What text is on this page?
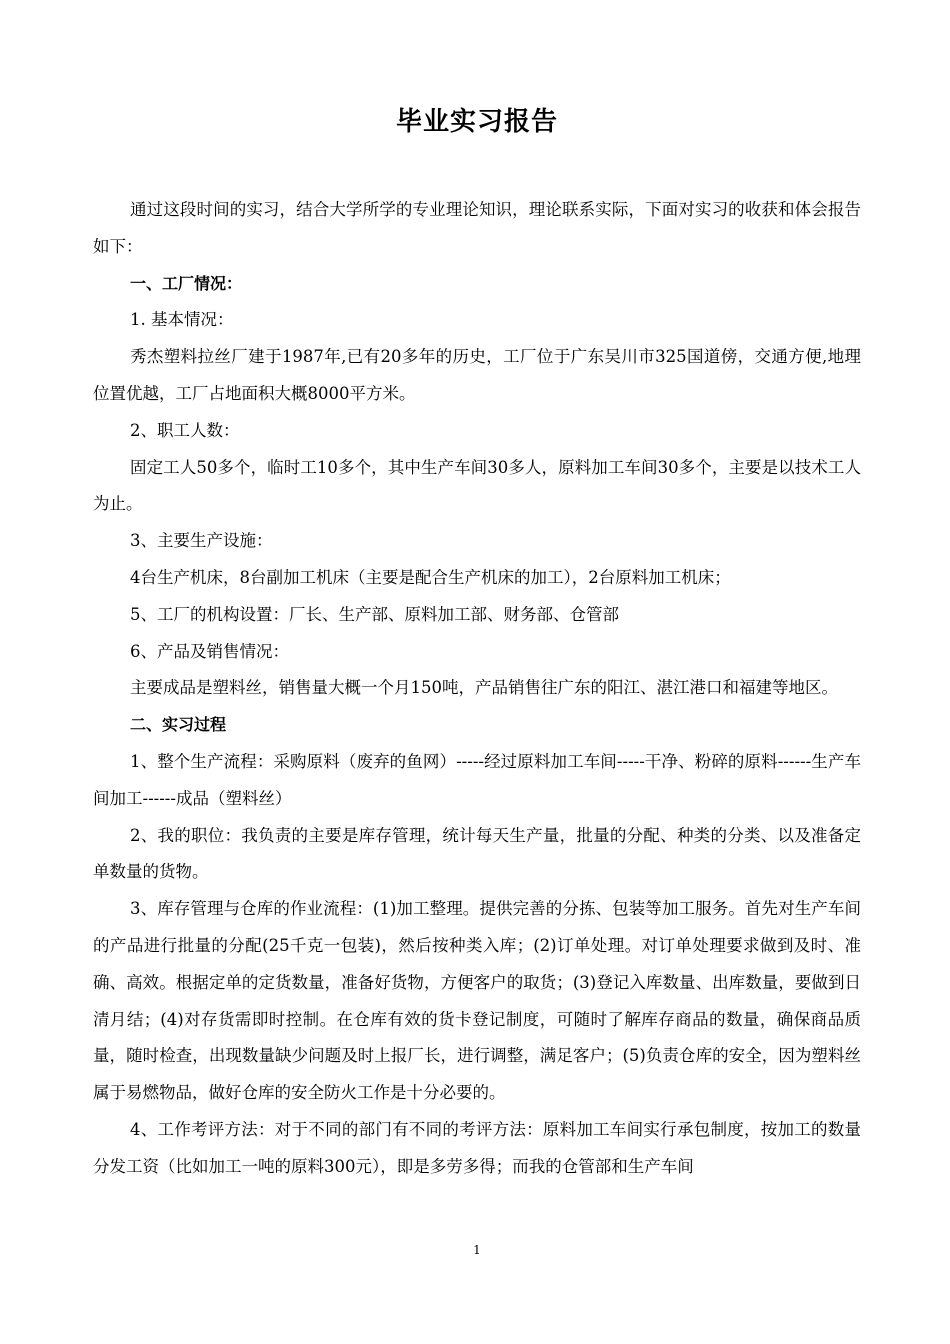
毕业实习报告

通过这段时间的实习，结合大学所学的专业理论知识，理论联系实际，下面对实习的收获和体会报告如下：

一、工厂情况：

1. 基本情况：

秀杰塑料拉丝厂建于1987年,已有20多年的历史，工厂位于广东吴川市325国道傍，交通方便,地理位置优越，工厂占地面积大概8000平方米。

2、职工人数：

固定工人50多个，临时工10多个，其中生产车间30多人，原料加工车间30多个，主要是以技术工人为止。

3、主要生产设施：

4台生产机床，8台副加工机床（主要是配合生产机床的加工），2台原料加工机床；

5、工厂的机构设置：厂长、生产部、原料加工部、财务部、仓管部

6、产品及销售情况：

主要成品是塑料丝，销售量大概一个月150吨，产品销售往广东的阳江、湛江港口和福建等地区。

二、实习过程

1、整个生产流程：采购原料（废弃的鱼网）-----经过原料加工车间-----干净、粉碎的原料------生产车间加工------成品（塑料丝）

2、我的职位：我负责的主要是库存管理，统计每天生产量，批量的分配、种类的分类、以及准备定单数量的货物。

3、库存管理与仓库的作业流程：(1)加工整理。提供完善的分拣、包装等加工服务。首先对生产车间的产品进行批量的分配(25千克一包装)，然后按种类入库；(2)订单处理。对订单处理要求做到及时、准确、高效。根据定单的定货数量，准备好货物，方便客户的取货；(3)登记入库数量、出库数量，要做到日清月结；(4)对存货需即时控制。在仓库有效的货卡登记制度，可随时了解库存商品的数量，确保商品质量，随时检查，出现数量缺少问题及时上报厂长，进行调整，满足客户；(5)负责仓库的安全，因为塑料丝属于易燃物品，做好仓库的安全防火工作是十分必要的。

4、工作考评方法：对于不同的部门有不同的考评方法：原料加工车间实行承包制度，按加工的数量分发工资（比如加工一吨的原料300元），即是多劳多得；而我的仓管部和生产车间

1
